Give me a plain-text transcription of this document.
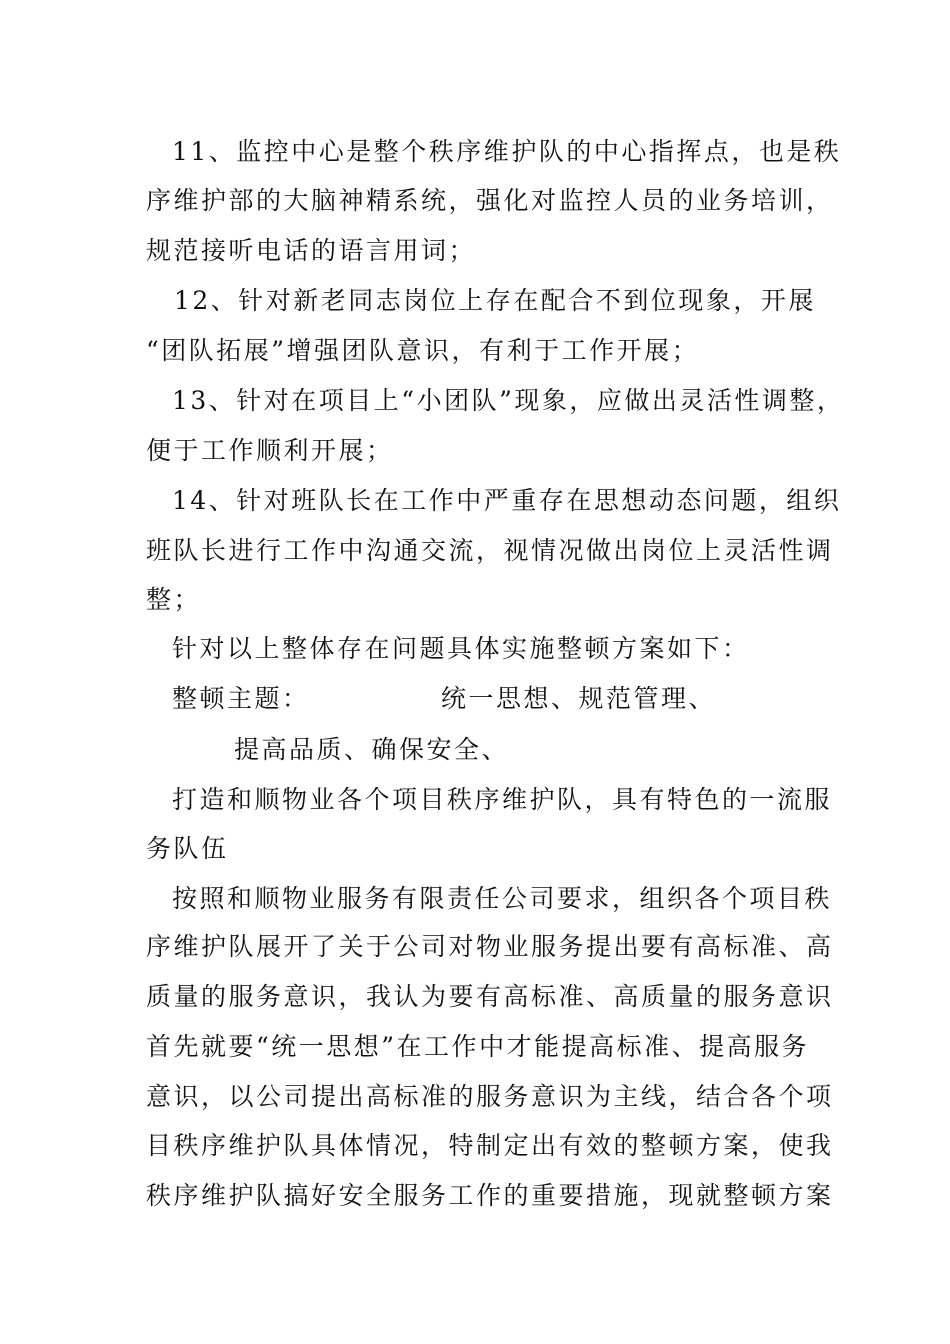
11、监控中心是整个秩序维护队的中心指挥点，也是秩
序维护部的大脑神精系统，强化对监控人员的业务培训，
规范接听电话的语言用词；
12、针对新老同志岗位上存在配合不到位现象，开展
“团队拓展”增强团队意识，有利于工作开展；
13、针对在项目上“小团队”现象，应做出灵活性调整，
便于工作顺利开展；
14、针对班队长在工作中严重存在思想动态问题，组织
班队长进行工作中沟通交流，视情况做出岗位上灵活性调
整；
针对以上整体存在问题具体实施整顿方案如下：
整顿主题：	统一思想、规范管理、
提高品质、确保安全、
打造和顺物业各个项目秩序维护队，具有特色的一流服
务队伍
按照和顺物业服务有限责任公司要求，组织各个项目秩
序维护队展开了关于公司对物业服务提出要有高标准、高
质量的服务意识，我认为要有高标准、高质量的服务意识
首先就要“统一思想”在工作中才能提高标准、提高服务
意识，以公司提出高标准的服务意识为主线，结合各个项
目秩序维护队具体情况，特制定出有效的整顿方案，使我
秩序维护队搞好安全服务工作的重要措施，现就整顿方案
